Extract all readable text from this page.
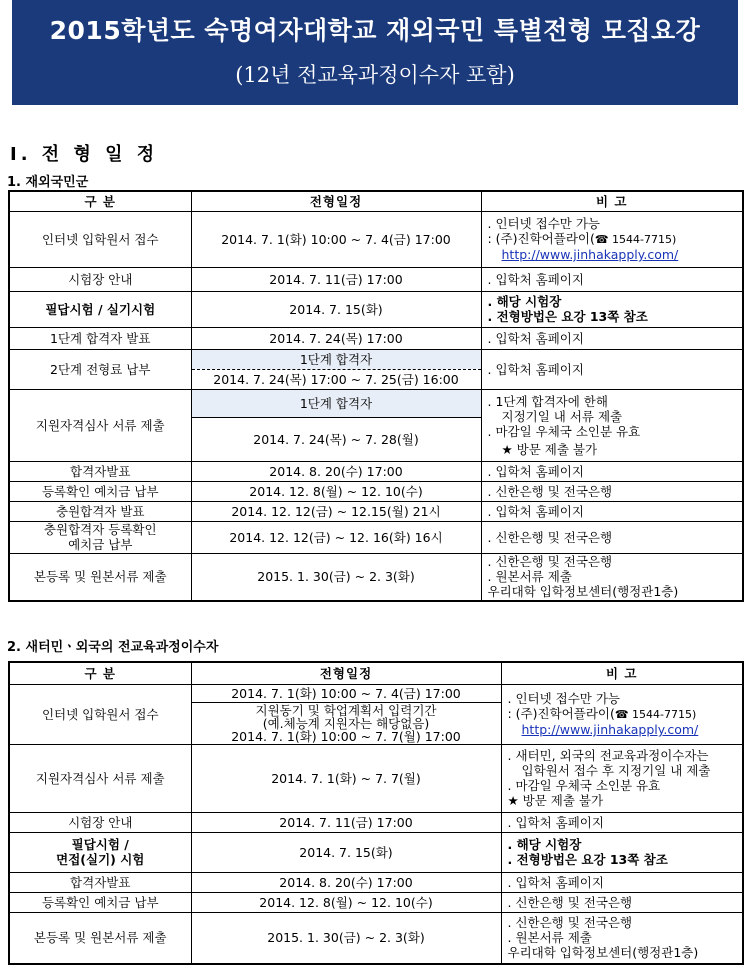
2015학년도 숙명여자대학교 재외국민 특별전형 모집요강
(12년 전교육과정이수자 포함)
Ⅰ. 전 형 일 정
1. 재외국민군
구 분	전형일정	비 고
인터넷 입학원서 접수	2014. 7. 1(화) 10:00 ~ 7. 4(금) 17:00	. 인터넷 접수만 가능
: (주)진학어플라이(☎ 1544-7715)
http://www.jinhakapply.com/

시험장 안내	2014. 7. 11(금) 17:00	. 입학처 홈페이지
필답시험 / 실기시험	2014. 7. 15(화)	. 해당 시험장
. 전형방법은 요강 13쪽 참조

1단계 합격자 발표	2014. 7. 24(목) 17:00	. 입학처 홈페이지
2단계 전형료 납부	1단계 합격자	. 입학처 홈페이지
	2014. 7. 24(목) 17:00 ~ 7. 25(금) 16:00	
지원자격심사 서류 제출	1단계 합격자	. 1단계 합격자에 한해
지정기일 내 서류 제출
. 마감일 우체국 소인분 유효
★ 방문 제출 불가

	2014. 7. 24(목) ~ 7. 28(월)	
합격자발표	2014. 8. 20(수) 17:00	. 입학처 홈페이지
등록확인 예치금 납부	2014. 12. 8(월) ~ 12. 10(수)	. 신한은행 및 전국은행
충원합격자 발표	2014. 12. 12(금) ~ 12.15(월) 21시	. 입학처 홈페이지

충원합격자 등록확인
예치금 납부	2014. 12. 12(금) ~ 12. 16(화) 16시	. 신한은행 및 전국은행
본등록 및 원본서류 제출	2015. 1. 30(금) ~ 2. 3(화)	. 신한은행 및 전국은행
. 원본서류 제출
우리대학 입학정보센터(행정관1층)
2. 새터민ㆍ외국의 전교육과정이수자
구 분	전형일정	비 고
인터넷 입학원서 접수	2014. 7. 1(화) 10:00 ~ 7. 4(금) 17:00	. 인터넷 접수만 가능
: (주)진학어플라이(☎ 1544-7715)
http://www.jinhakapply.com/

	지원동기 및 학업계획서 입력기간
(예.체능계 지원자는 해당없음)
2014. 7. 1(화) 10:00 ~ 7. 7(월) 17:00	

지원자격심사 서류 제출	2014. 7. 1(화) ~ 7. 7(월)	. 새터민, 외국의 전교육과정이수자는
입학원서 접수 후 지정기일 내 제출
. 마감일 우체국 소인분 유효
★ 방문 제출 불가

시험장 안내	2014. 7. 11(금) 17:00	. 입학처 홈페이지

필답시험 /
면접(실기) 시험	2014. 7. 15(화)	. 해당 시험장
. 전형방법은 요강 13쪽 참조

합격자발표	2014. 8. 20(수) 17:00	. 입학처 홈페이지
등록확인 예치금 납부	2014. 12. 8(월) ~ 12. 10(수)	. 신한은행 및 전국은행
본등록 및 원본서류 제출	2015. 1. 30(금) ~ 2. 3(화)	. 신한은행 및 전국은행
. 원본서류 제출
우리대학 입학정보센터(행정관1층)
